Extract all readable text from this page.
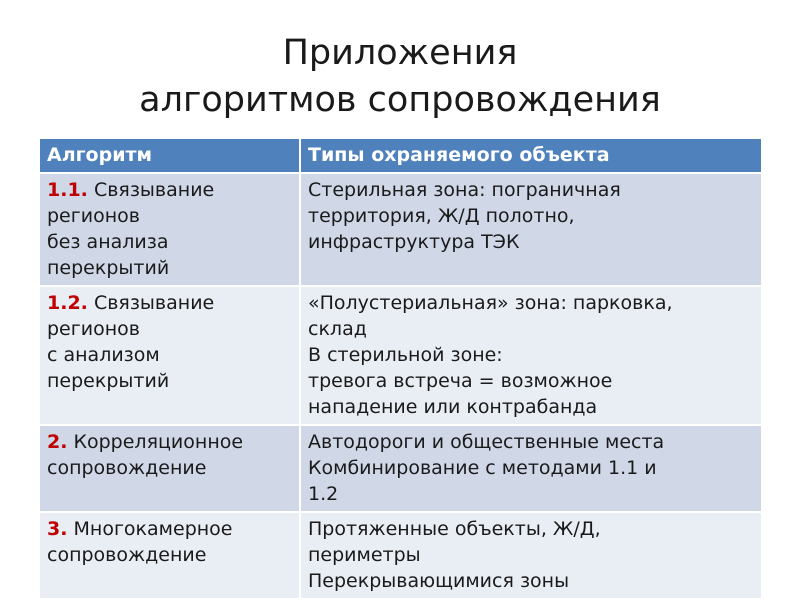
Приложения
алгоритмов сопровождения
Алгоритм	Типы охраняемого объекта

1.1. Связывание
регионов
без анализа
перекрытий	Стерильная зона: пограничная
территория, Ж/Д полотно,
инфраструктура ТЭК

1.2. Связывание
регионов
с анализом
перекрытий	«Полустериальная» зона: парковка,
склад
В стерильной зоне:
тревога встреча = возможное
нападение или контрабанда

2. Корреляционное
сопровождение	Автодороги и общественные места
Комбинирование с методами 1.1 и
1.2

3. Многокамерное
сопровождение	Протяженные объекты, Ж/Д,
периметры
Перекрывающимися зоны
